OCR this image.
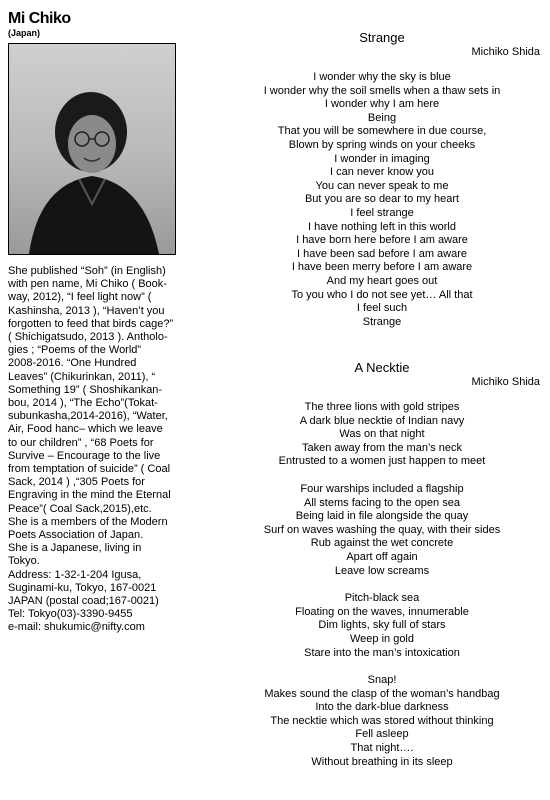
Mi Chiko
(Japan)
She published “Soh” (in English)
with pen name, Mi Chiko ( Book-
way, 2012), “I feel light now” (
Kashinsha, 2013 ), “Haven’t you
forgotten to feed that birds cage?”
( Shichigatsudo, 2013 ). Antholo-
gies ; “Poems of the World”
2008-2016. “One Hundred
Leaves” (Chikurinkan, 2011), “
Something 19” ( Shoshikankan-
bou, 2014 ), “The Echo”(Tokat-
subunkasha,2014-2016), “Water,
Air, Food hanc– which we leave
to our children” , “68 Poets for
Survive – Encourage to the live
from temptation of suicide” ( Coal
Sack, 2014 ) ,“305 Poets for
Engraving in the mind the Eternal
Peace”( Coal Sack,2015),etc.
She is a members of the Modern
Poets Association of Japan.
She is a Japanese, living in
Tokyo.
Address: 1-32-1-204 Igusa,
Suginami-ku, Tokyo, 167-0021
JAPAN (postal coad;167-0021)
Tel: Tokyo(03)-3390-9455
e-mail: shukumic@nifty.com
Strange
Michiko Shida
I wonder why the sky is blue
I wonder why the soil smells when a thaw sets in
I wonder why I am here
Being
That you will be somewhere in due course,
Blown by spring winds on your cheeks
I wonder in imaging
I can never know you
You can never speak to me
But you are so dear to my heart
I feel strange
I have nothing left in this world
I have born here before I am aware
I have been sad before I am aware
I have been merry before I am aware
And my heart goes out
To you who I do not see yet… All that
I feel such
Strange
A Necktie
Michiko Shida
The three lions with gold stripes
A dark blue necktie of Indian navy
Was on that night
Taken away from the man’s neck
Entrusted to a women just happen to meet
Four warships included a flagship
All stems facing to the open sea
Being laid in file alongside the quay
Surf on waves washing the quay, with their sides
Rub against the wet concrete
Apart off again
Leave low screams
Pitch-black sea
Floating on the waves, innumerable
Dim lights, sky full of stars
Weep in gold
Stare into the man’s intoxication
Snap!
Makes sound the clasp of the woman’s handbag
Into the dark-blue darkness
The necktie which was stored without thinking
Fell asleep
That night….
Without breathing in its sleep
